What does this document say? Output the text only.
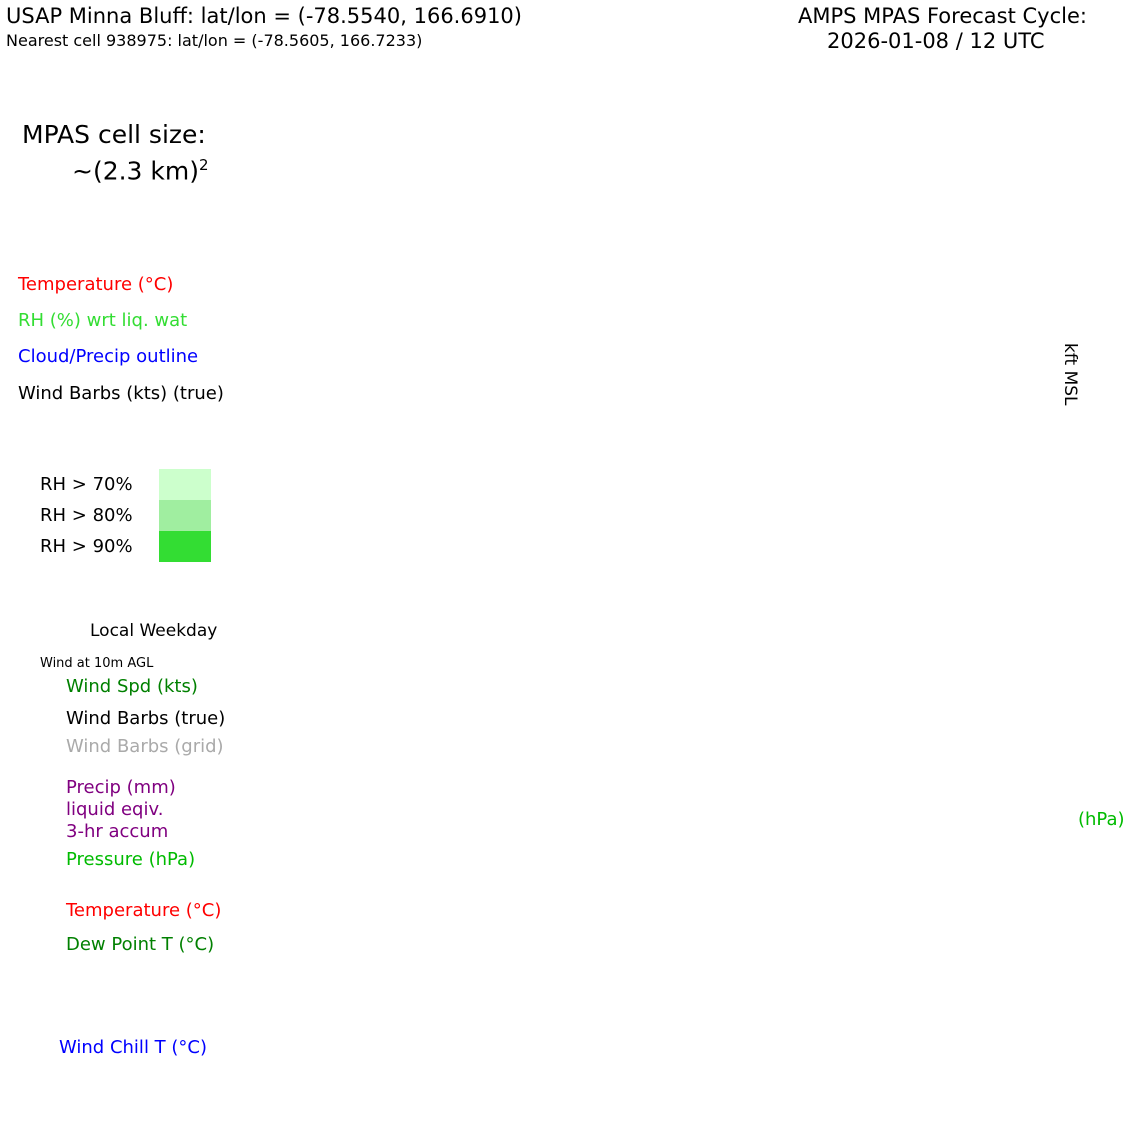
USAP Minna Bluff: lat/lon = (-78.5540, 166.6910)
Nearest cell 938975: lat/lon = (-78.5605, 166.7233)
AMPS MPAS Forecast Cycle:
2026-01-08 / 12 UTC
MPAS cell size:
~(2.3 km)$^2$
Temperature (°C)
RH (%) wrt liq. wat
Cloud/Precip outline
Wind Barbs (kts) (true)
RH > 70%
RH > 80%
RH > 90%
Local Weekday
Wind at 10m AGL
Wind Spd (kts)
Wind Barbs (true)
Wind Barbs (grid)
Precip (mm)
liquid eqiv.
3-hr accum
Pressure (hPa)
(hPa)
Temperature (°C)
Dew Point T (°C)
Wind Chill T (°C)
kft MSL
